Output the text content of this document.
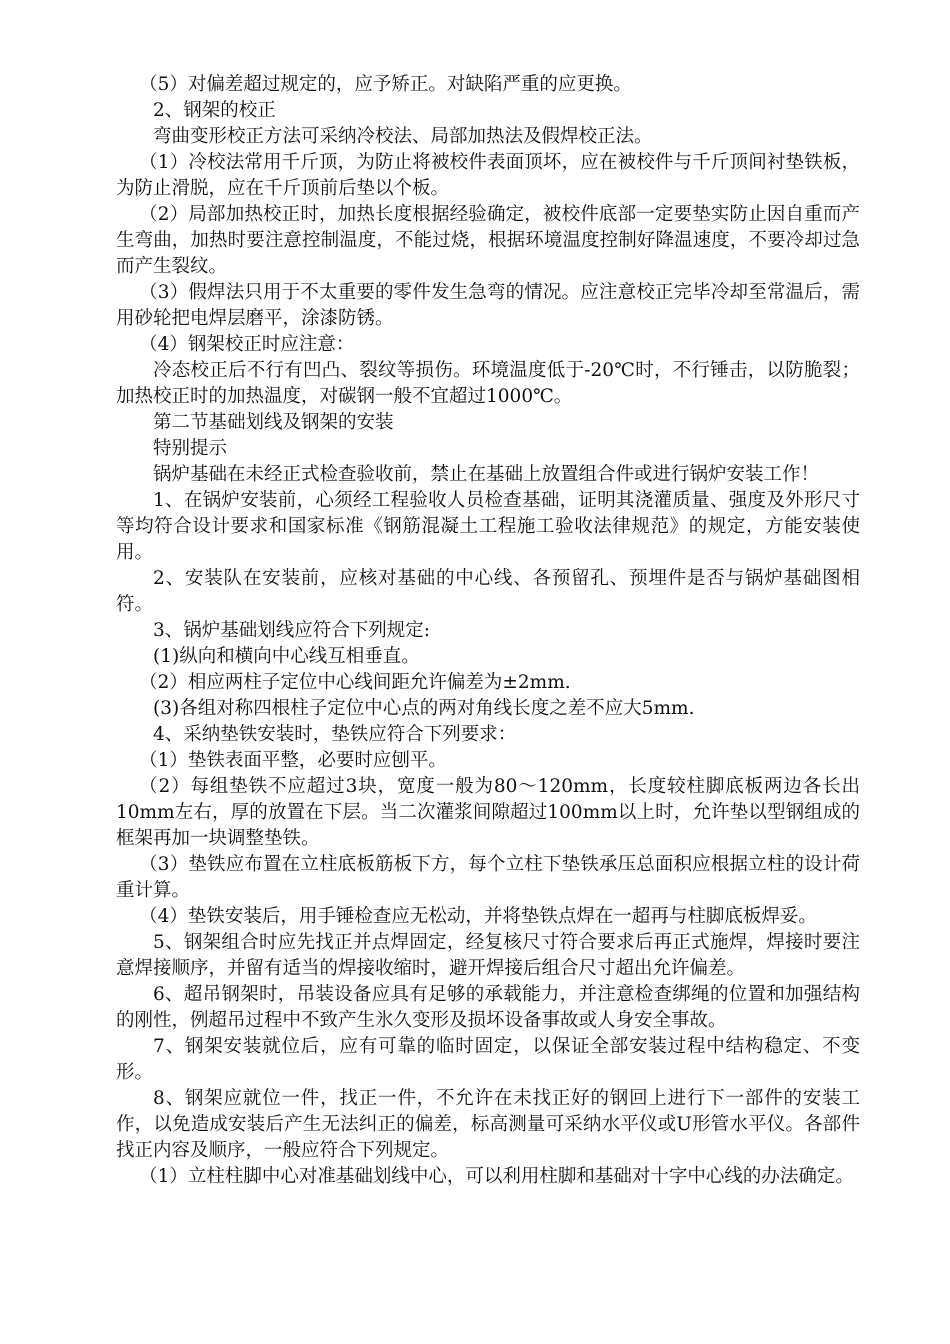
（5）对偏差超过规定的，应予矫正。对缺陷严重的应更换。

2、钢架的校正

弯曲变形校正方法可采纳冷校法、局部加热法及假焊校正法。

（1）冷校法常用千斤顶，为防止将被校件表面顶坏，应在被校件与千斤顶间衬垫铁板，为防止滑脱，应在千斤顶前后垫以个板。

（2）局部加热校正时，加热长度根据经验确定，被校件底部一定要垫实防止因自重而产生弯曲，加热时要注意控制温度，不能过烧，根据环境温度控制好降温速度，不要冷却过急而产生裂纹。

（3）假焊法只用于不太重要的零件发生急弯的情况。应注意校正完毕冷却至常温后，需用砂轮把电焊层磨平，涂漆防锈。

（4）钢架校正时应注意：

冷态校正后不行有凹凸、裂纹等损伤。环境温度低于-20℃时，不行锤击，以防脆裂；加热校正时的加热温度，对碳钢一般不宜超过1000℃。

第二节基础划线及钢架的安装

特别提示

锅炉基础在未经正式检查验收前，禁止在基础上放置组合件或进行锅炉安装工作！

1、在锅炉安装前，心须经工程验收人员检查基础，证明其浇灌质量、强度及外形尺寸等均符合设计要求和国家标准《钢筋混凝土工程施工验收法律规范》的规定，方能安装使用。

2、安装队在安装前，应核对基础的中心线、各预留孔、预埋件是否与锅炉基础图相符。

3、锅炉基础划线应符合下列规定:

(1)纵向和横向中心线互相垂直。

（2）相应两柱子定位中心线间距允许偏差为±2mm.

(3)各组对称四根柱子定位中心点的两对角线长度之差不应大5mm.

4、采纳垫铁安装时，垫铁应符合下列要求：

（1）垫铁表面平整，必要时应刨平。

（2）每组垫铁不应超过3块，宽度一般为80～120mm，长度较柱脚底板两边各长出10mm左右，厚的放置在下层。当二次灌浆间隙超过100mm以上时，允许垫以型钢组成的框架再加一块调整垫铁。

（3）垫铁应布置在立柱底板筋板下方，每个立柱下垫铁承压总面积应根据立柱的设计荷重计算。

（4）垫铁安装后，用手锤检查应无松动，并将垫铁点焊在一超再与柱脚底板焊妥。

5、钢架组合时应先找正并点焊固定，经复核尺寸符合要求后再正式施焊，焊接时要注意焊接顺序，并留有适当的焊接收缩时，避开焊接后组合尺寸超出允许偏差。

6、超吊钢架时，吊装设备应具有足够的承载能力，并注意检查绑绳的位置和加强结构的刚性，例超吊过程中不致产生氷久变形及损坏设备事故或人身安全事故。

7、钢架安装就位后，应有可靠的临时固定，以保证全部安装过程中结构稳定、不变形。

8、钢架应就位一件，找正一件，不允许在未找正好的钢回上进行下一部件的安装工作，以免造成安装后产生无法纠正的偏差，标高测量可采纳水平仪或U形管水平仪。各部件找正内容及顺序，一般应符合下列规定。

（1）立柱柱脚中心对准基础划线中心，可以利用柱脚和基础对十字中心线的办法确定。
